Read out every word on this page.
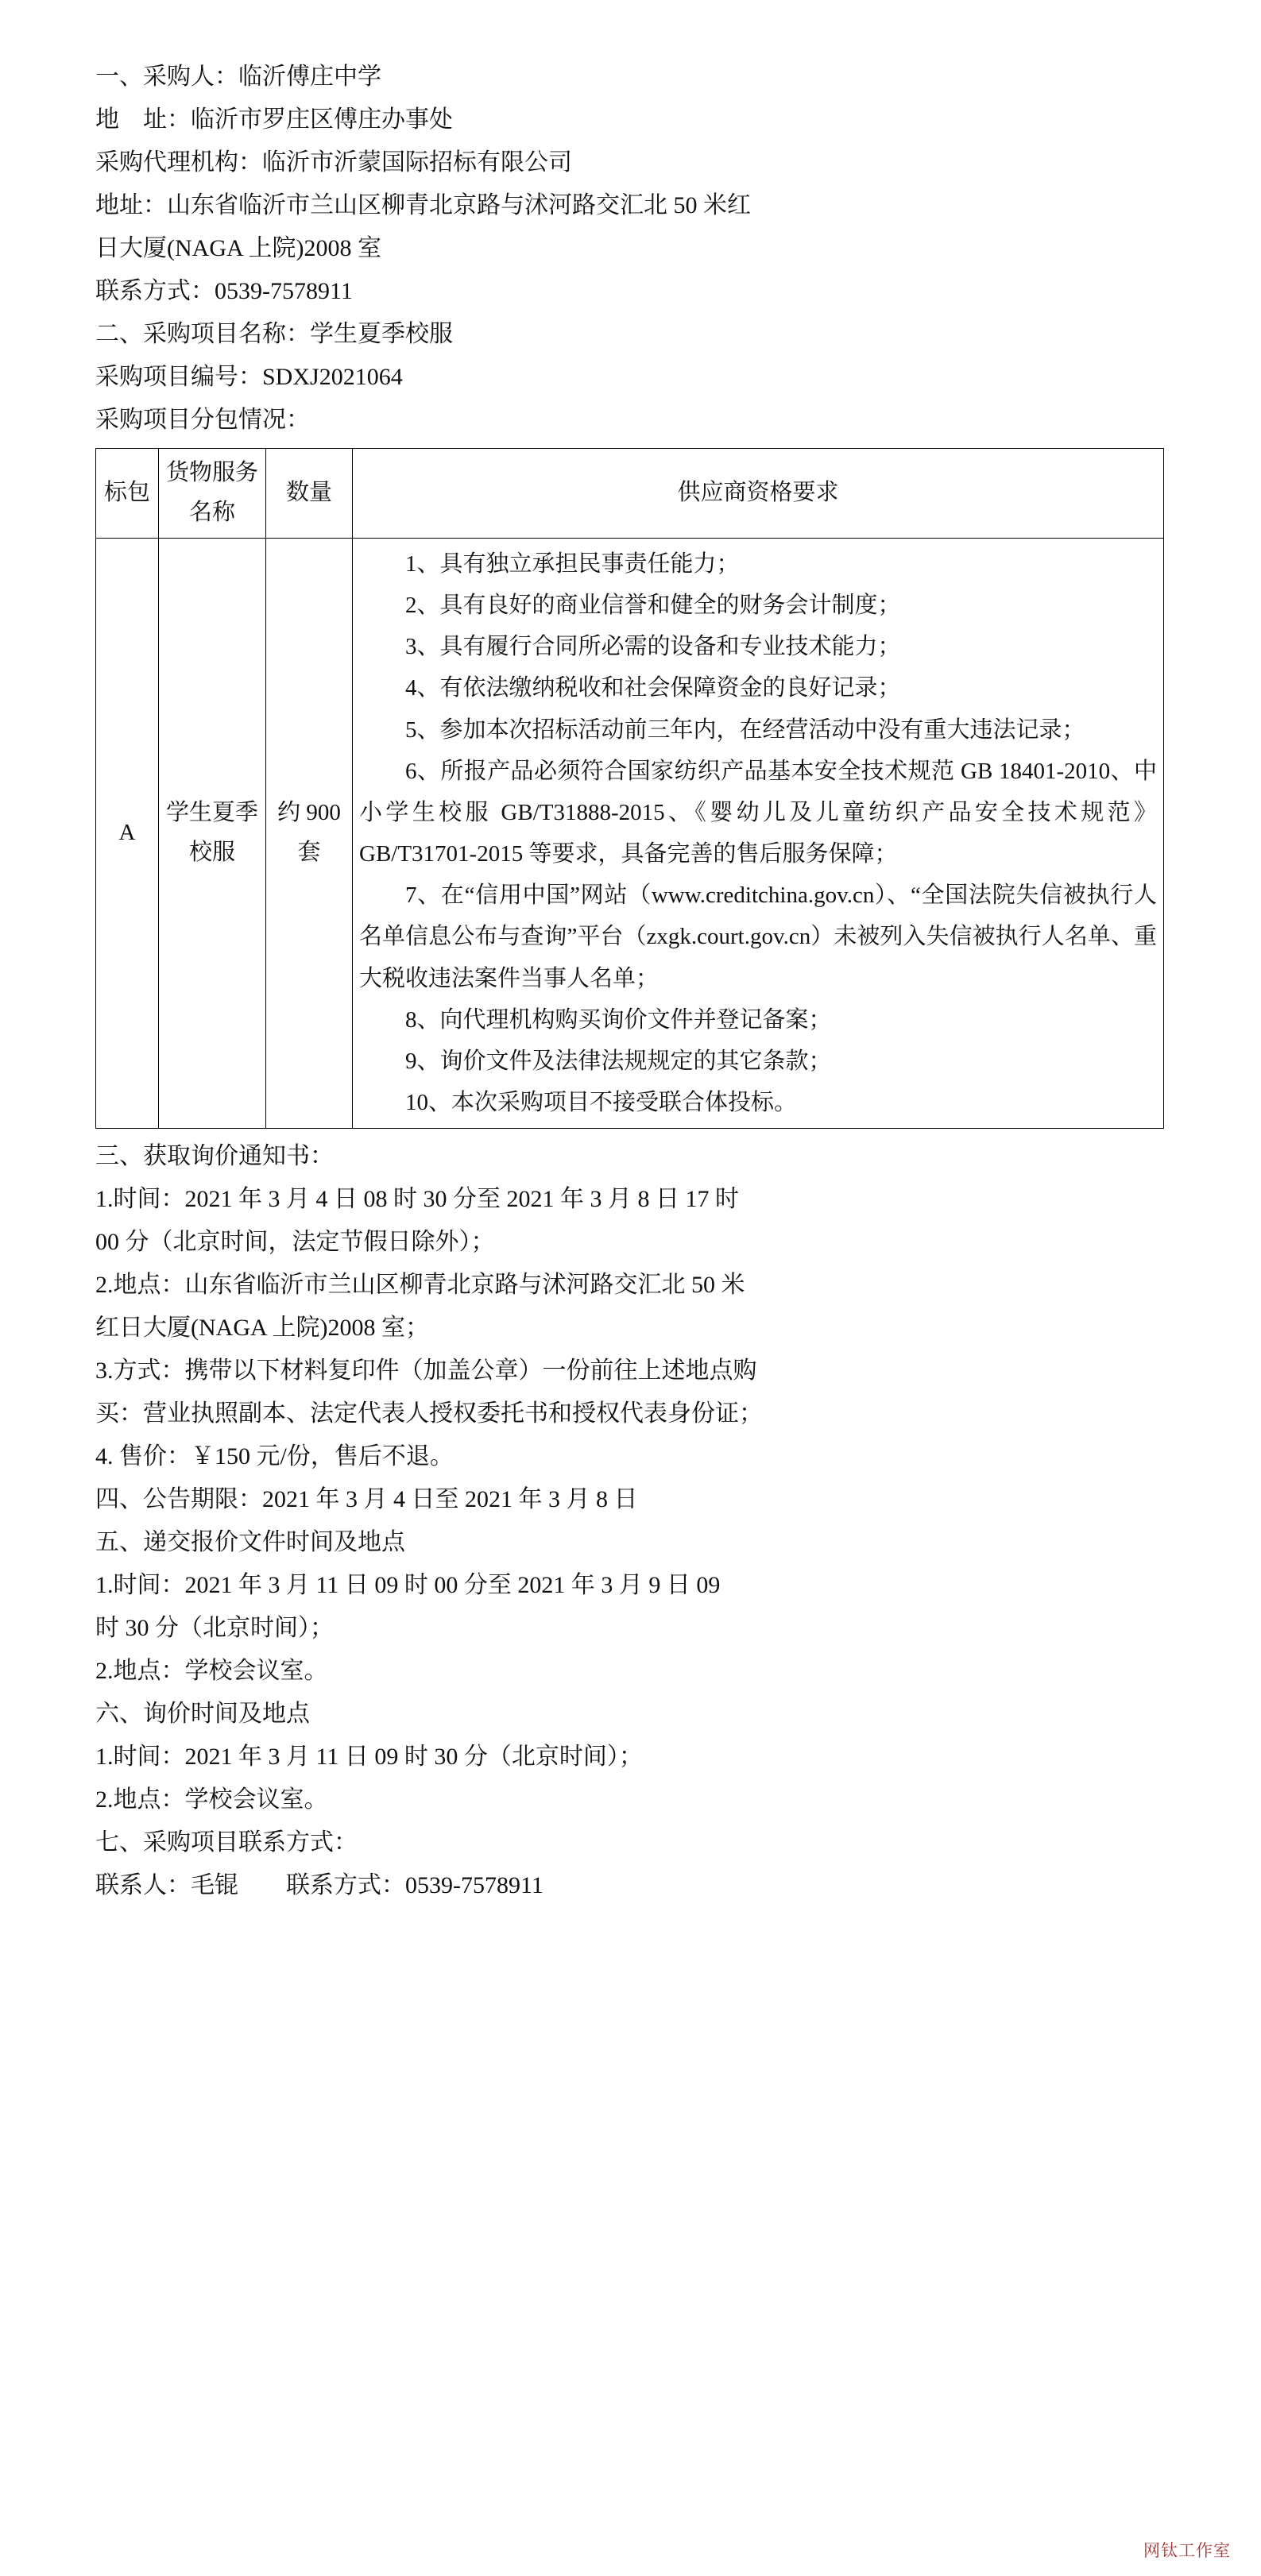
一、采购人：临沂傅庄中学

地    址：临沂市罗庄区傅庄办事处

采购代理机构：临沂市沂蒙国际招标有限公司

地址：山东省临沂市兰山区柳青北京路与沭河路交汇北 50 米红

日大厦(NAGA 上院)2008 室

联系方式：0539-7578911

二、采购项目名称：学生夏季校服

采购项目编号：SDXJ2021064

采购项目分包情况：

标包	货物服务名称	数量	供应商资格要求

A	学生夏季校服	约 900 套	

1、具有独立承担民事责任能力；

2、具有良好的商业信誉和健全的财务会计制度；

3、具有履行合同所必需的设备和专业技术能力；

4、有依法缴纳税收和社会保障资金的良好记录；

5、参加本次招标活动前三年内，在经营活动中没有重大违法记录；

6、所报产品必须符合国家纺织产品基本安全技术规范 GB 18401-2010、中小学生校服 GB/T31888-2015、《婴幼儿及儿童纺织产品安全技术规范》GB/T31701-2015 等要求，具备完善的售后服务保障；

7、在“信用中国”网站（www.creditchina.gov.cn）、“全国法院失信被执行人名单信息公布与查询”平台（zxgk.court.gov.cn）未被列入失信被执行人名单、重大税收违法案件当事人名单；

8、向代理机构购买询价文件并登记备案；

9、询价文件及法律法规规定的其它条款；

10、本次采购项目不接受联合体投标。

三、获取询价通知书：

1.时间：2021 年 3 月 4 日 08 时 30 分至 2021 年 3 月 8 日 17 时

00 分（北京时间，法定节假日除外）；

2.地点：山东省临沂市兰山区柳青北京路与沭河路交汇北 50 米

红日大厦(NAGA 上院)2008 室；

3.方式：携带以下材料复印件（加盖公章）一份前往上述地点购

买：营业执照副本、法定代表人授权委托书和授权代表身份证；

4. 售价：￥150 元/份，售后不退。

四、公告期限：2021 年 3 月 4 日至 2021 年 3 月 8 日

五、递交报价文件时间及地点

1.时间：2021 年 3 月 11 日 09 时 00 分至 2021 年 3 月 9 日 09

时 30 分（北京时间）；

2.地点：学校会议室。

六、询价时间及地点

1.时间：2021 年 3 月 11 日 09 时 30 分（北京时间）；

2.地点：学校会议室。

七、采购项目联系方式：

联系人：毛锟        联系方式：0539-7578911

网钛工作室
